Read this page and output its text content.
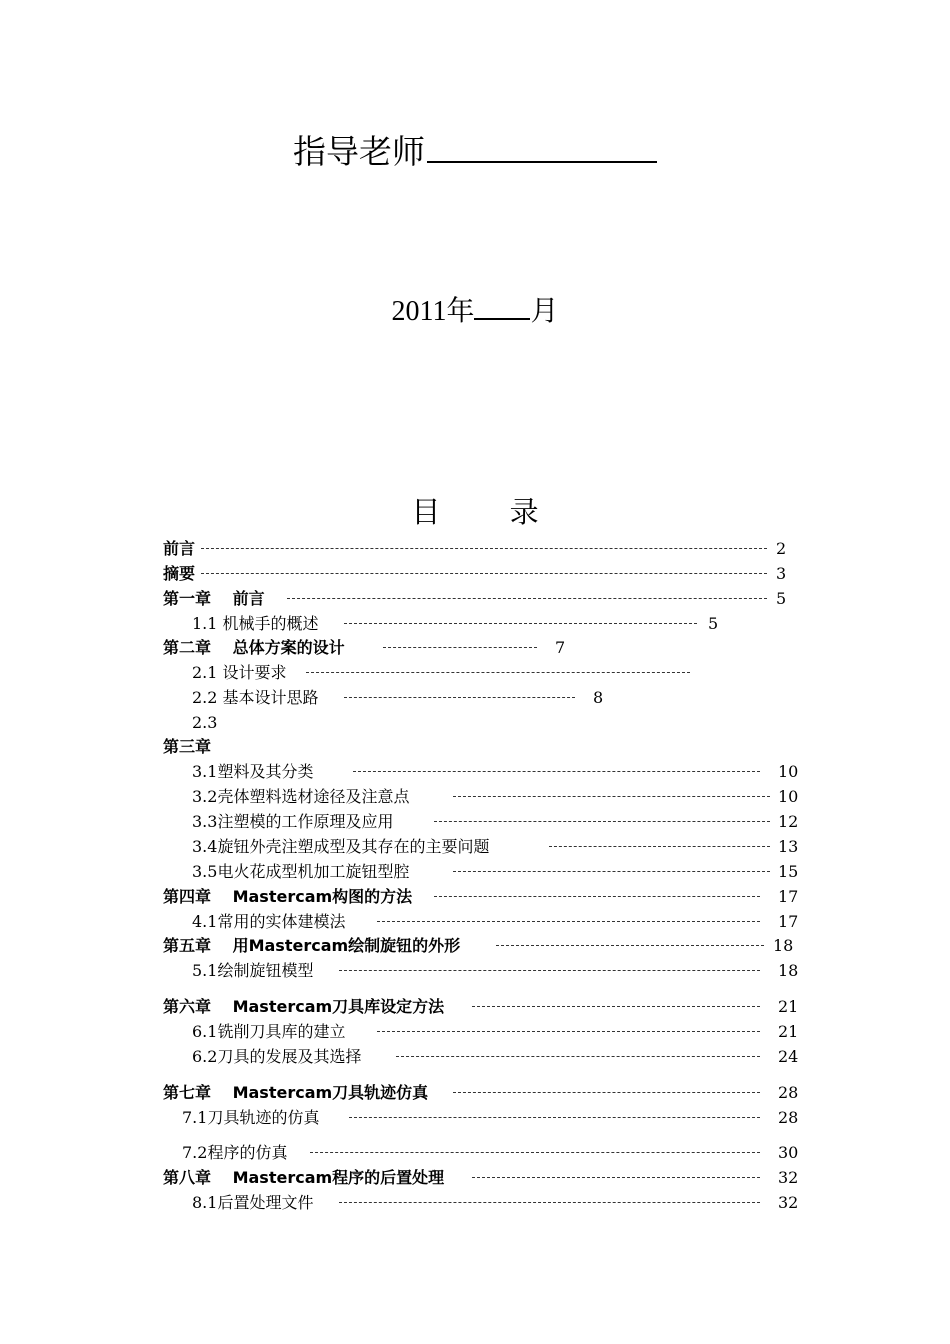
指导老师
2011年 月
目 录
前言	2
摘要	3
第一章　 前言	5
1.1 机械手的概述	5
第二章　 总体方案的设计	7
2.1 设计要求
2.2 基本设计思路	8
2.3
第三章
3.1塑料及其分类	10
3.2壳体塑料选材途径及注意点	10
3.3注塑模的工作原理及应用	12
3.4旋钮外壳注塑成型及其存在的主要问题	13
3.5电火花成型机加工旋钮型腔	15
第四章　 Mastercam构图的方法	17
4.1常用的实体建模法	17
第五章　 用Mastercam绘制旋钮的外形	18
5.1绘制旋钮模型	18
第六章　 Mastercam刀具库设定方法	21
6.1铣削刀具库的建立	21
6.2刀具的发展及其选择	24
第七章　 Mastercam刀具轨迹仿真	28
7.1刀具轨迹的仿真	28
7.2程序的仿真	30
第八章　 Mastercam程序的后置处理	32
8.1后置处理文件	32
